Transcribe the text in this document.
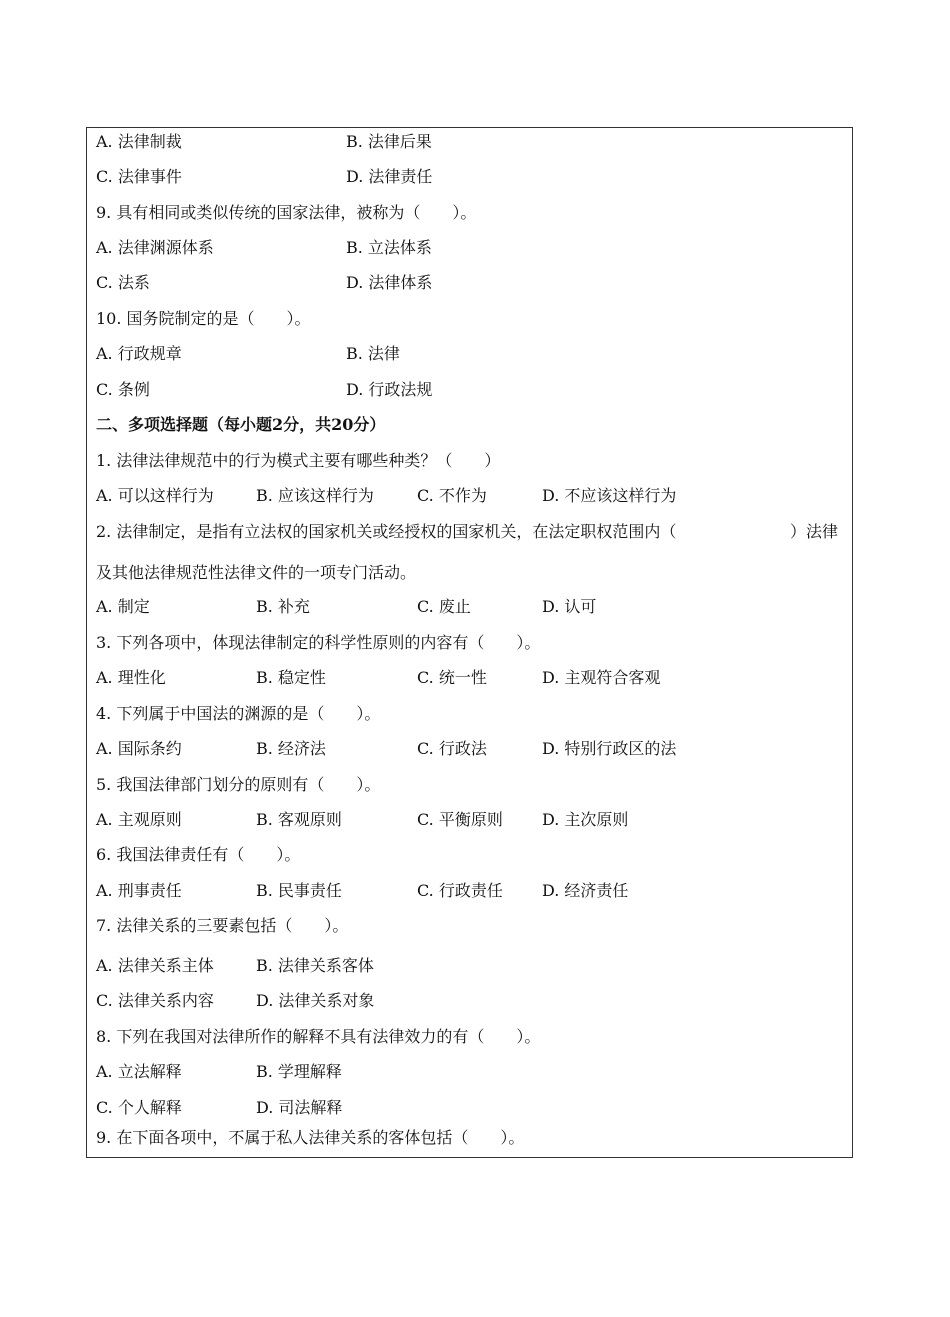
A. 法律制裁	B. 法律后果
C. 法律事件	D. 法律责任
9. 具有相同或类似传统的国家法律，被称为（　　）。
A. 法律渊源体系	B. 立法体系
C. 法系	D. 法律体系
10. 国务院制定的是（　　）。
A. 行政规章	B. 法律
C. 条例	D. 行政法规
二、多项选择题（每小题2分，共20分）
1. 法律法律规范中的行为模式主要有哪些种类？（　　）
A. 可以这样行为	B. 应该这样行为	C. 不作为	D. 不应该这样行为
2. 法律制定，是指有立法权的国家机关或经授权的国家机关，在法定职权范围内（	）法律
及其他法律规范性法律文件的一项专门活动。
A. 制定	B. 补充	C. 废止	D. 认可
3. 下列各项中，体现法律制定的科学性原则的内容有（　　）。
A. 理性化	B. 稳定性	C. 统一性	D. 主观符合客观
4. 下列属于中国法的渊源的是（　　）。
A. 国际条约	B. 经济法	C. 行政法	D. 特别行政区的法
5. 我国法律部门划分的原则有（　　）。
A. 主观原则	B. 客观原则	C. 平衡原则 D. 主次原则
6. 我国法律责任有（　　）。
A. 刑事责任	B. 民事责任	C. 行政责任 D. 经济责任
7. 法律关系的三要素包括（　　）。
A. 法律关系主体	B. 法律关系客体
C. 法律关系内容	D. 法律关系对象
8. 下列在我国对法律所作的解释不具有法律效力的有（　　）。
A. 立法解释	B. 学理解释
C. 个人解释	D. 司法解释
9. 在下面各项中，不属于私人法律关系的客体包括（　　）。
